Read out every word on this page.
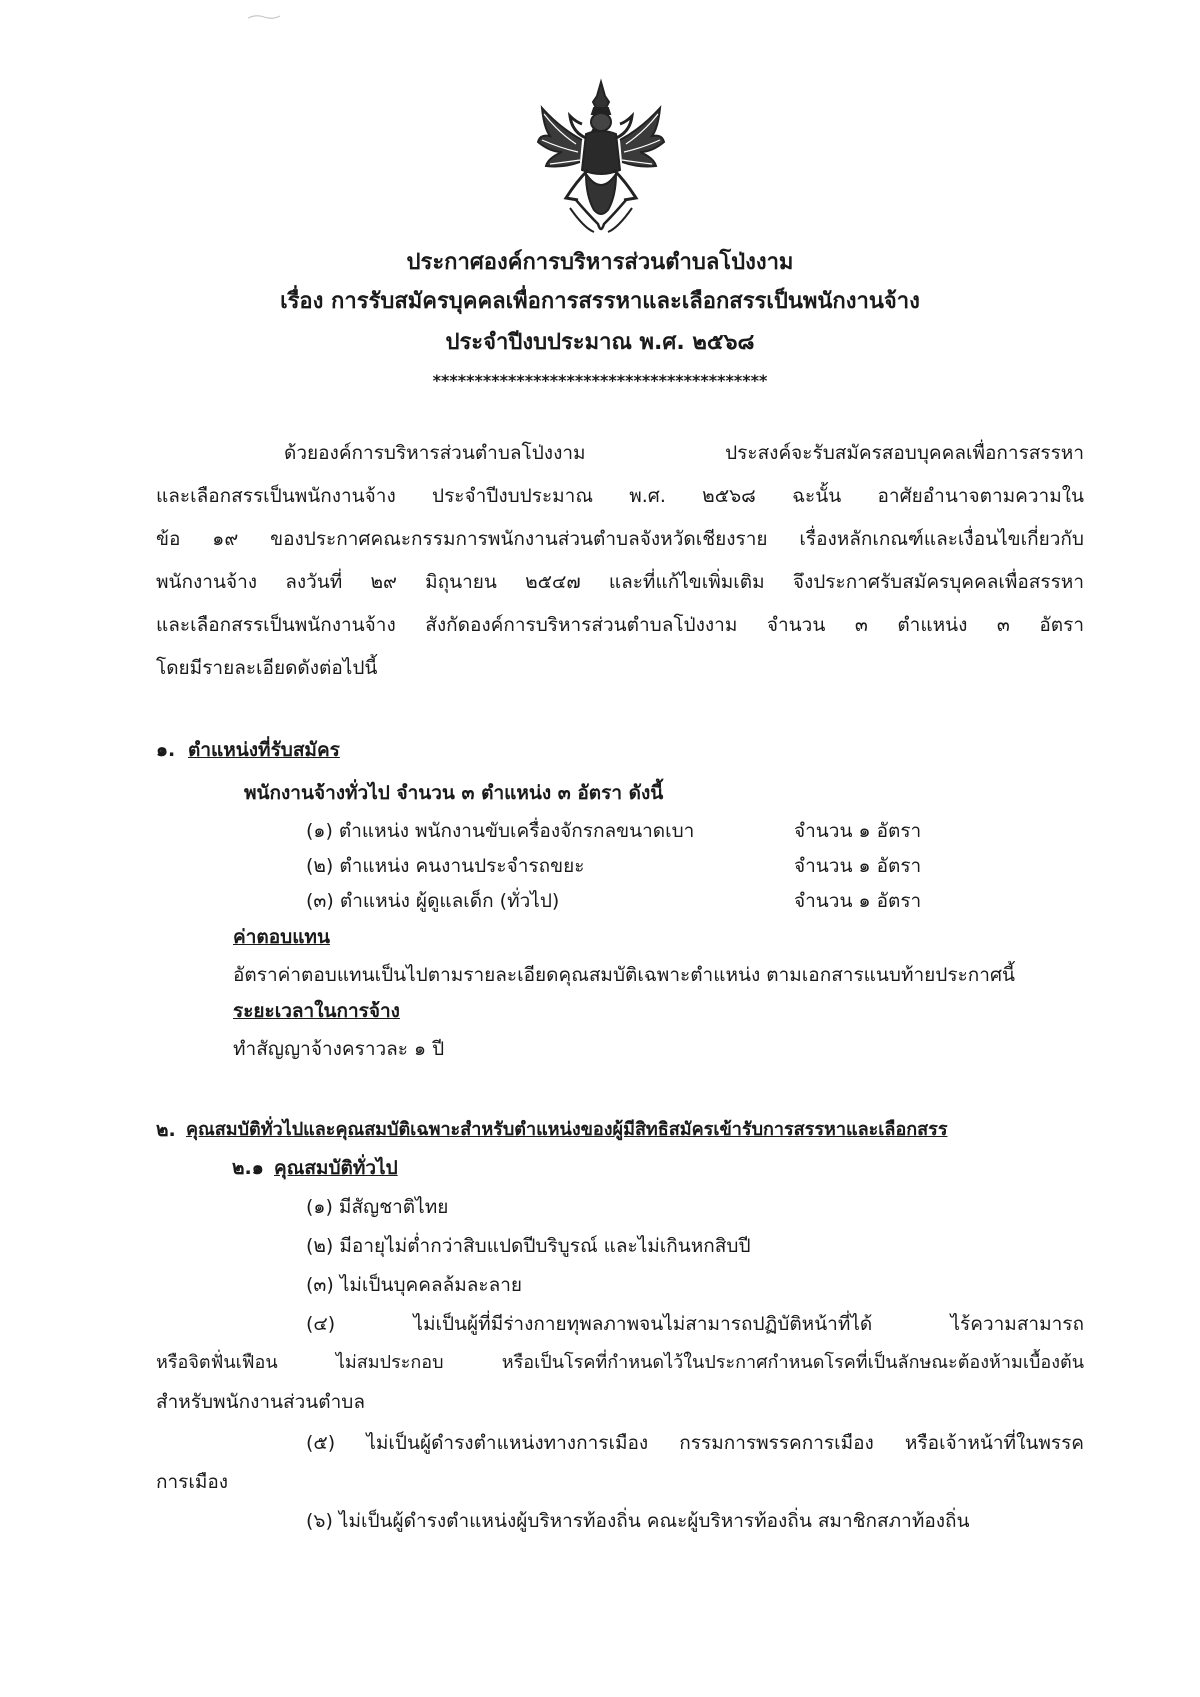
ประกาศองค์การบริหารส่วนตำบลโป่งงาม
เรื่อง การรับสมัครบุคคลเพื่อการสรรหาและเลือกสรรเป็นพนักงานจ้าง
ประจำปีงบประมาณ พ.ศ. ๒๕๖๘
****************************************
ด้วยองค์การบริหารส่วนตำบลโป่งงาม ประสงค์จะรับสมัครสอบบุคคลเพื่อการสรรหา
และเลือกสรรเป็นพนักงานจ้าง ประจำปีงบประมาณ พ.ศ. ๒๕๖๘ ฉะนั้น อาศัยอำนาจตามความใน
ข้อ ๑๙ ของประกาศคณะกรรมการพนักงานส่วนตำบลจังหวัดเชียงราย เรื่องหลักเกณฑ์และเงื่อนไขเกี่ยวกับ
พนักงานจ้าง ลงวันที่ ๒๙ มิถุนายน ๒๕๔๗ และที่แก้ไขเพิ่มเติม จึงประกาศรับสมัครบุคคลเพื่อสรรหา
และเลือกสรรเป็นพนักงานจ้าง สังกัดองค์การบริหารส่วนตำบลโป่งงาม จำนวน ๓ ตำแหน่ง ๓ อัตรา
โดยมีรายละเอียดดังต่อไปนี้
๑. ตำแหน่งที่รับสมัคร
พนักงานจ้างทั่วไป จำนวน ๓ ตำแหน่ง ๓ อัตรา ดังนี้
(๑) ตำแหน่ง พนักงานขับเครื่องจักรกลขนาดเบา	จำนวน ๑ อัตรา
(๒) ตำแหน่ง คนงานประจำรถขยะ	จำนวน ๑ อัตรา
(๓) ตำแหน่ง ผู้ดูแลเด็ก (ทั่วไป)	จำนวน ๑ อัตรา
ค่าตอบแทน
อัตราค่าตอบแทนเป็นไปตามรายละเอียดคุณสมบัติเฉพาะตำแหน่ง ตามเอกสารแนบท้ายประกาศนี้
ระยะเวลาในการจ้าง
ทำสัญญาจ้างคราวละ ๑ ปี
๒. คุณสมบัติทั่วไปและคุณสมบัติเฉพาะสำหรับตำแหน่งของผู้มีสิทธิสมัครเข้ารับการสรรหาและเลือกสรร
๒.๑ คุณสมบัติทั่วไป
(๑) มีสัญชาติไทย
(๒) มีอายุไม่ต่ำกว่าสิบแปดปีบริบูรณ์ และไม่เกินหกสิบปี
(๓) ไม่เป็นบุคคลล้มละลาย
(๔) ไม่เป็นผู้ที่มีร่างกายทุพลภาพจนไม่สามารถปฏิบัติหน้าที่ได้ ไร้ความสามารถ
หรือจิตฟั่นเฟือน ไม่สมประกอบ หรือเป็นโรคที่กำหนดไว้ในประกาศกำหนดโรคที่เป็นลักษณะต้องห้ามเบื้องต้น
สำหรับพนักงานส่วนตำบล
(๕) ไม่เป็นผู้ดำรงตำแหน่งทางการเมือง กรรมการพรรคการเมือง หรือเจ้าหน้าที่ในพรรค
การเมือง
(๖) ไม่เป็นผู้ดำรงตำแหน่งผู้บริหารท้องถิ่น คณะผู้บริหารท้องถิ่น สมาชิกสภาท้องถิ่น
